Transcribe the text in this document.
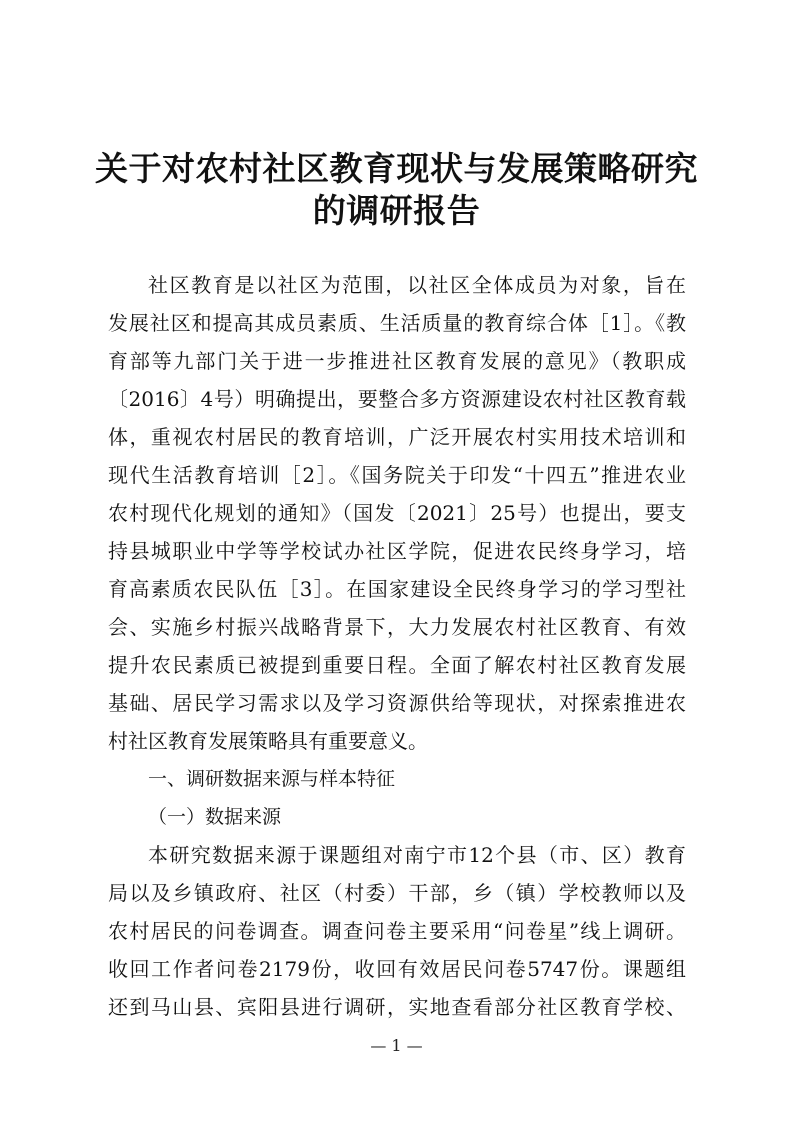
关于对农村社区教育现状与发展策略研究
的调研报告
社区教育是以社区为范围，以社区全体成员为对象，旨在
发展社区和提高其成员素质、生活质量的教育综合体［1］。《教
育部等九部门关于进一步推进社区教育发展的意见》（教职成
〔2016〕4号）明确提出，要整合多方资源建设农村社区教育载
体，重视农村居民的教育培训，广泛开展农村实用技术培训和
现代生活教育培训［2］。《国务院关于印发“十四五”推进农业
农村现代化规划的通知》（国发〔2021〕25号）也提出，要支
持县城职业中学等学校试办社区学院，促进农民终身学习，培
育高素质农民队伍［3］。在国家建设全民终身学习的学习型社
会、实施乡村振兴战略背景下，大力发展农村社区教育、有效
提升农民素质已被提到重要日程。全面了解农村社区教育发展
基础、居民学习需求以及学习资源供给等现状，对探索推进农
村社区教育发展策略具有重要意义。
一、调研数据来源与样本特征
（一）数据来源
本研究数据来源于课题组对南宁市12个县（市、区）教育
局以及乡镇政府、社区（村委）干部，乡（镇）学校教师以及
农村居民的问卷调查。调查问卷主要采用“问卷星”线上调研。
收回工作者问卷2179份，收回有效居民问卷5747份。课题组
还到马山县、宾阳县进行调研，实地查看部分社区教育学校、
— 1 —
